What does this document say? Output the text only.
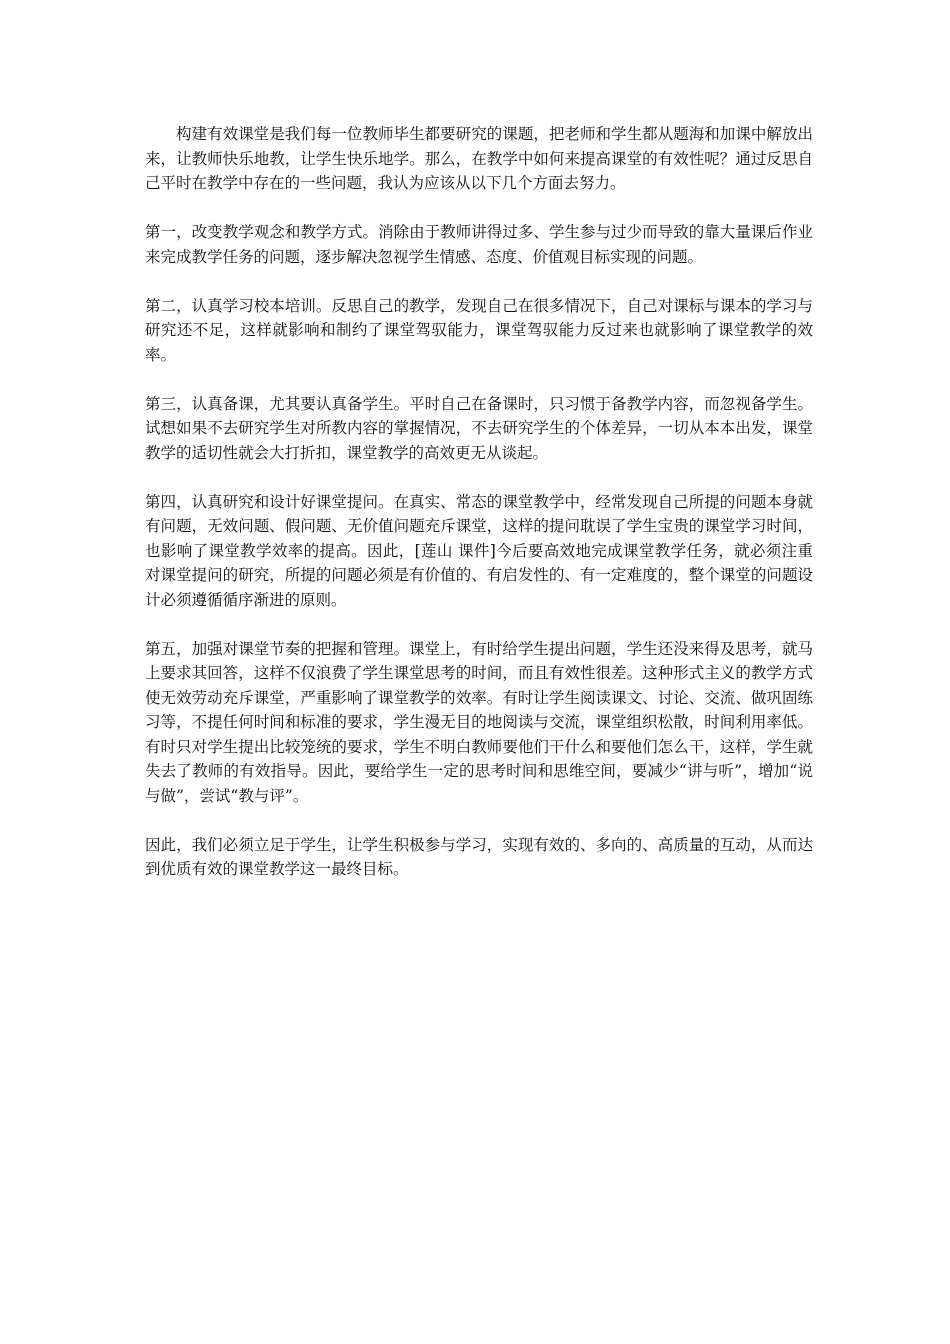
构建有效课堂是我们每一位教师毕生都要研究的课题，把老师和学生都从题海和加课中解放出来，让教师快乐地教，让学生快乐地学。那么，在教学中如何来提高课堂的有效性呢？通过反思自己平时在教学中存在的一些问题，我认为应该从以下几个方面去努力。

第一，改变教学观念和教学方式。消除由于教师讲得过多、学生参与过少而导致的靠大量课后作业来完成教学任务的问题，逐步解决忽视学生情感、态度、价值观目标实现的问题。

第二，认真学习校本培训。反思自己的教学，发现自己在很多情况下，自己对课标与课本的学习与研究还不足，这样就影响和制约了课堂驾驭能力，课堂驾驭能力反过来也就影响了课堂教学的效率。

第三，认真备课，尤其要认真备学生。平时自己在备课时，只习惯于备教学内容，而忽视备学生。试想如果不去研究学生对所教内容的掌握情况，不去研究学生的个体差异，一切从本本出发，课堂教学的适切性就会大打折扣，课堂教学的高效更无从谈起。

第四，认真研究和设计好课堂提问。在真实、常态的课堂教学中，经常发现自己所提的问题本身就有问题，无效问题、假问题、无价值问题充斥课堂，这样的提问耽误了学生宝贵的课堂学习时间，也影响了课堂教学效率的提高。因此，[莲山 课件]今后要高效地完成课堂教学任务，就必须注重对课堂提问的研究，所提的问题必须是有价值的、有启发性的、有一定难度的，整个课堂的问题设计必须遵循循序渐进的原则。

第五，加强对课堂节奏的把握和管理。课堂上，有时给学生提出问题，学生还没来得及思考，就马上要求其回答，这样不仅浪费了学生课堂思考的时间，而且有效性很差。这种形式主义的教学方式使无效劳动充斥课堂，严重影响了课堂教学的效率。有时让学生阅读课文、讨论、交流、做巩固练习等，不提任何时间和标准的要求，学生漫无目的地阅读与交流，课堂组织松散，时间利用率低。有时只对学生提出比较笼统的要求，学生不明白教师要他们干什么和要他们怎么干，这样，学生就失去了教师的有效指导。因此，要给学生一定的思考时间和思维空间，要减少“讲与听”，增加“说与做”，尝试“教与评”。

因此，我们必须立足于学生，让学生积极参与学习，实现有效的、多向的、高质量的互动，从而达到优质有效的课堂教学这一最终目标。
